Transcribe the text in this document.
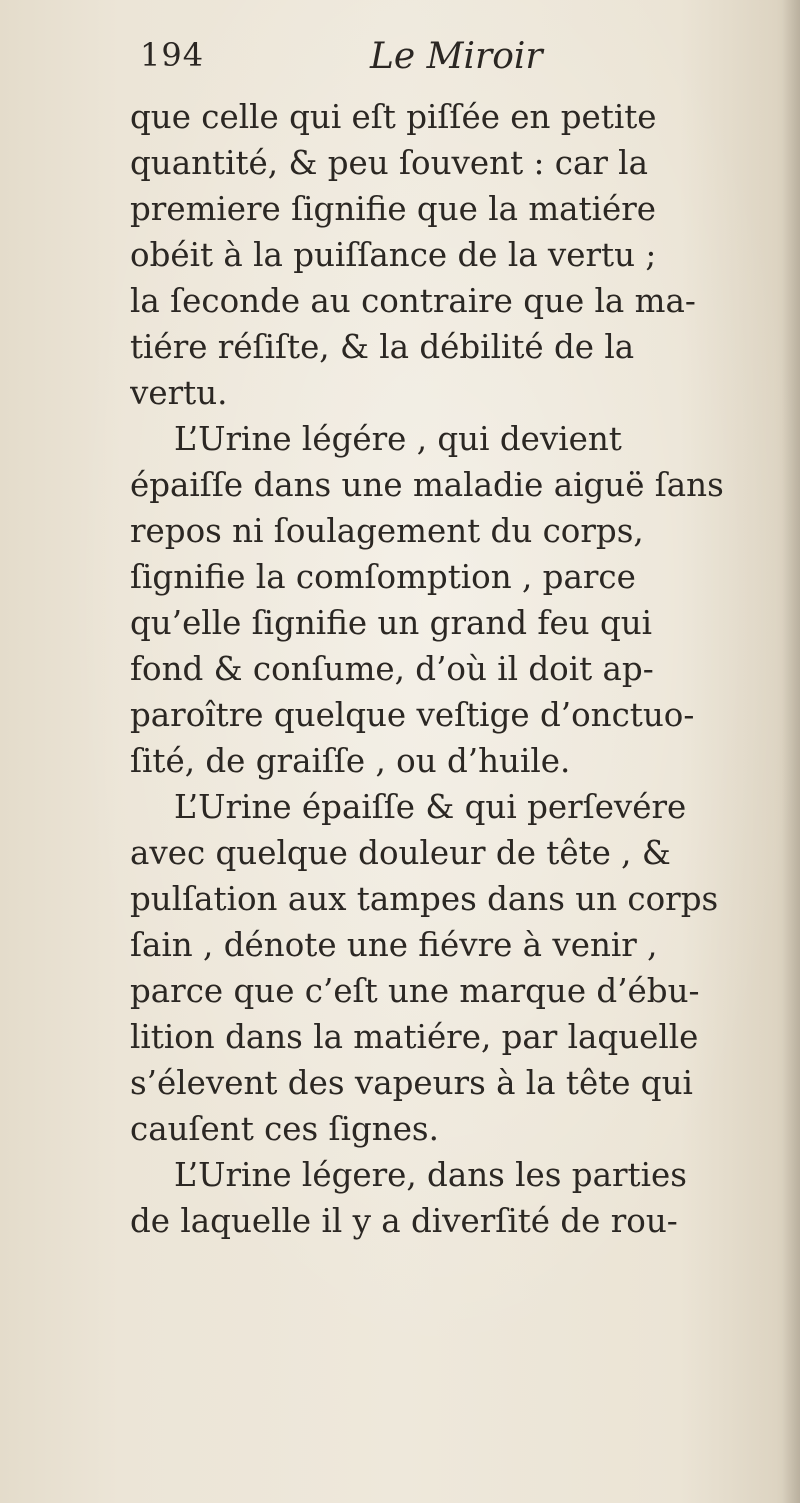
194	Le Miroir
que celle qui eſt piſſée en petite
quantité, & peu ſouvent : car la
premiere ſignifie que la matiére
obéit à la puiſſance de la vertu ;
la ſeconde au contraire que la ma-
tiére réſiſte, & la débilité de la
vertu.
L’Urine légére , qui devient
épaiſſe dans une maladie aiguë ſans
repos ni ſoulagement du corps,
ſignifie la comſomption , parce
qu’elle ſignifie un grand feu qui
fond & conſume, d’où il doit ap-
paroître quelque veſtige d’onctuo-
ſité, de graiſſe , ou d’huile.
L’Urine épaiſſe & qui perſevére
avec quelque douleur de tête , &
pulſation aux tampes dans un corps
ſain , dénote une fiévre à venir ,
parce que c’eſt une marque d’ébu-
lition dans la matiére, par laquelle
s’élevent des vapeurs à la tête qui
cauſent ces ſignes.
L’Urine légere, dans les parties
de laquelle il y a diverſité de rou-
